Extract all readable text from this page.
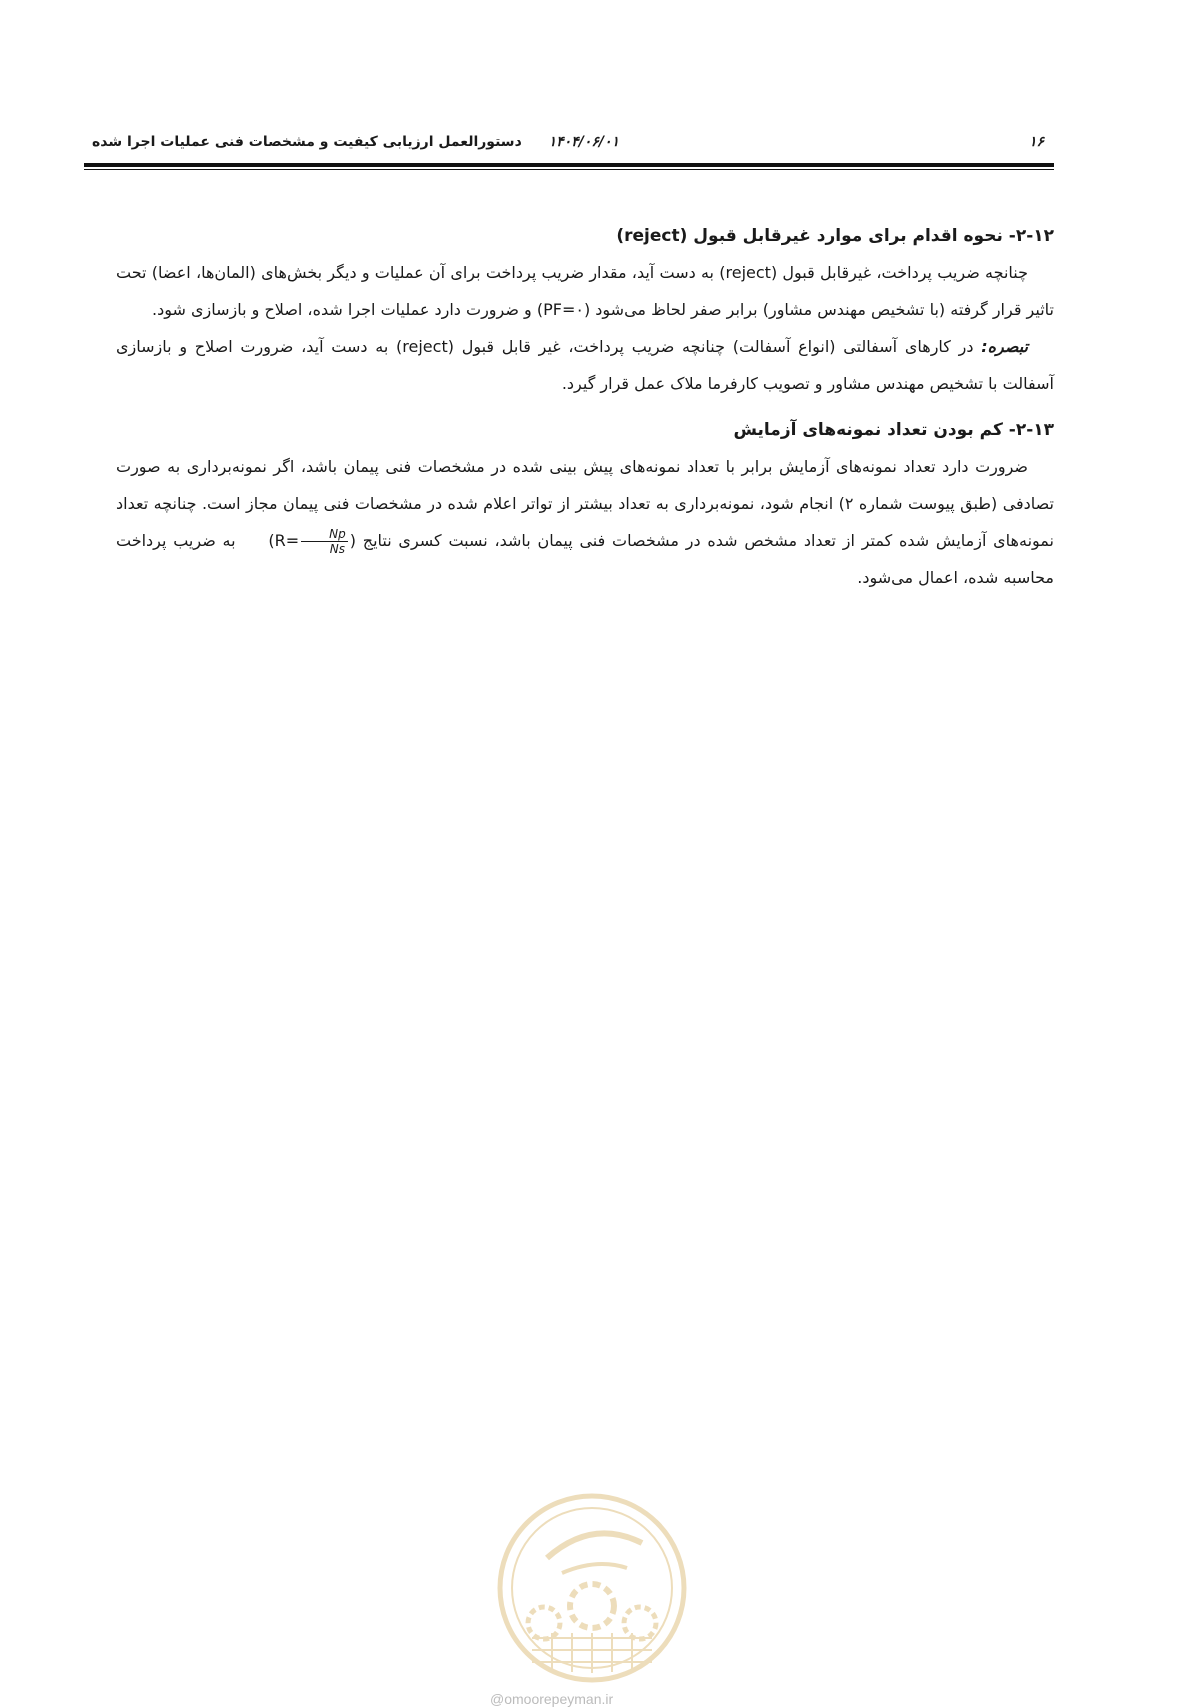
۱۶
۱۴۰۴/۰۶/۰۱
دستورالعمل ارزیابی کیفیت و مشخصات فنی عملیات اجرا شده
۲-۱۲- نحوه اقدام برای موارد غیرقابل قبول (reject)

چنانچه ضریب پرداخت، غیرقابل قبول (reject) به دست آید، مقدار ضریب پرداخت برای آن عملیات و دیگر بخش‌های (المان‌ها، اعضا) تحت تاثیر قرار گرفته (با تشخیص مهندس مشاور) برابر صفر لحاظ می‌شود (PF=۰) و ضرورت دارد عملیات اجرا شده، اصلاح و بازسازی شود.

تبصره: در کارهای آسفالتی (انواع آسفالت) چنانچه ضریب پرداخت، غیر قابل قبول (reject) به دست آید، ضرورت اصلاح و بازسازی آسفالت با تشخیص مهندس مشاور و تصویب کارفرما ملاک عمل قرار گیرد.

۲-۱۳- کم بودن تعداد نمونه‌های آزمایش

ضرورت دارد تعداد نمونه‌های آزمایش برابر با تعداد نمونه‌های پیش بینی شده در مشخصات فنی پیمان باشد، اگر نمونه‌برداری به صورت تصادفی (طبق پیوست شماره ۲) انجام شود، نمونه‌برداری به تعداد بیشتر از تواتر اعلام شده در مشخصات فنی پیمان مجاز است. چنانچه تعداد نمونه‌های آزمایش شده کمتر از تعداد مشخص شده در مشخصات فنی پیمان باشد، نسبت کسری نتایج ($R= \frac{Np}{Ns}$ ) به ضریب پرداخت محاسبه شده، اعمال می‌شود.

@omoorepeyman.ir
